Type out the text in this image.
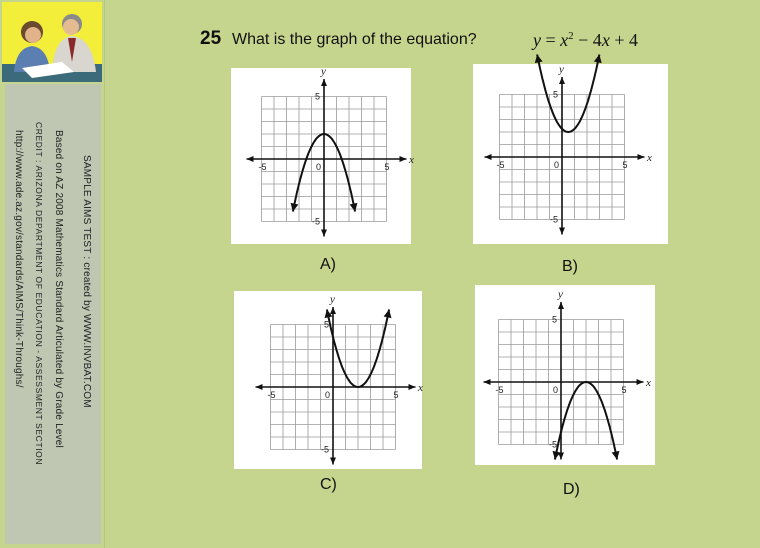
SAMPLE AIMS TEST : created by WWW.INVBAT.COM
Based on AZ 2008 Mathematics Standard Articulated by Grade Level
CREDIT : ARIZONA DEPARTMENT OF EDUCATION - ASSESSMENT SECTION
http://www.ade.az.gov/standards/AIMS/Think-Throughs/
25 What is the graph of the equation?	$y = x^2 - 4x + 4$
x
y
-5	5
5
-5
0
x
y
-5	5
5
-5
0
x
y
-5	5
5
-5
0
x
y
-5	5
5
-5
0
A)	B)
C)	D)
